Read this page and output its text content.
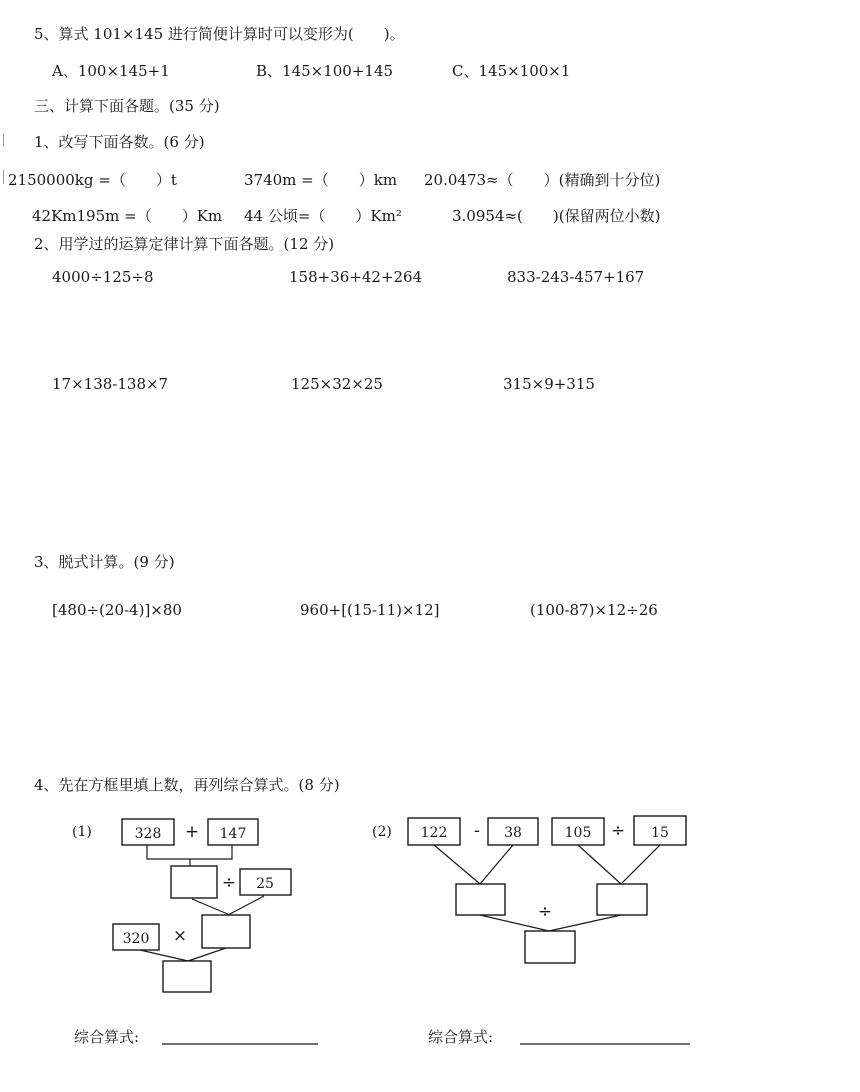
5、算式 101×145 进行简便计算时可以变形为(　　)。
A、100×145+1	B、145×100+145	C、145×100×1
三、计算下面各题。(35 分)
1、改写下面各数。(6 分)
2150000kg =（　　）t	3740m =（　　）km 20.0473≈（　　）(精确到十分位)
42Km195m =（　　）Km 44 公顷=（　　）Km²	3.0954≈(　　)(保留两位小数)
2、用学过的运算定律计算下面各题。(12 分)
4000÷125÷8	158+36+42+264	833-243-457+167
17×138-138×7	125×32×25	315×9+315
3、脱式计算。(9 分)
[480÷(20-4)]×80	960+[(15-11)×12]	(100-87)×12÷26
4、先在方框里填上数，再列综合算式。(8 分)
(1)	328 + 147
÷ 25
320 ×
(2) 122 - 38	105 ÷ 15
÷
综合算式:	综合算式:
